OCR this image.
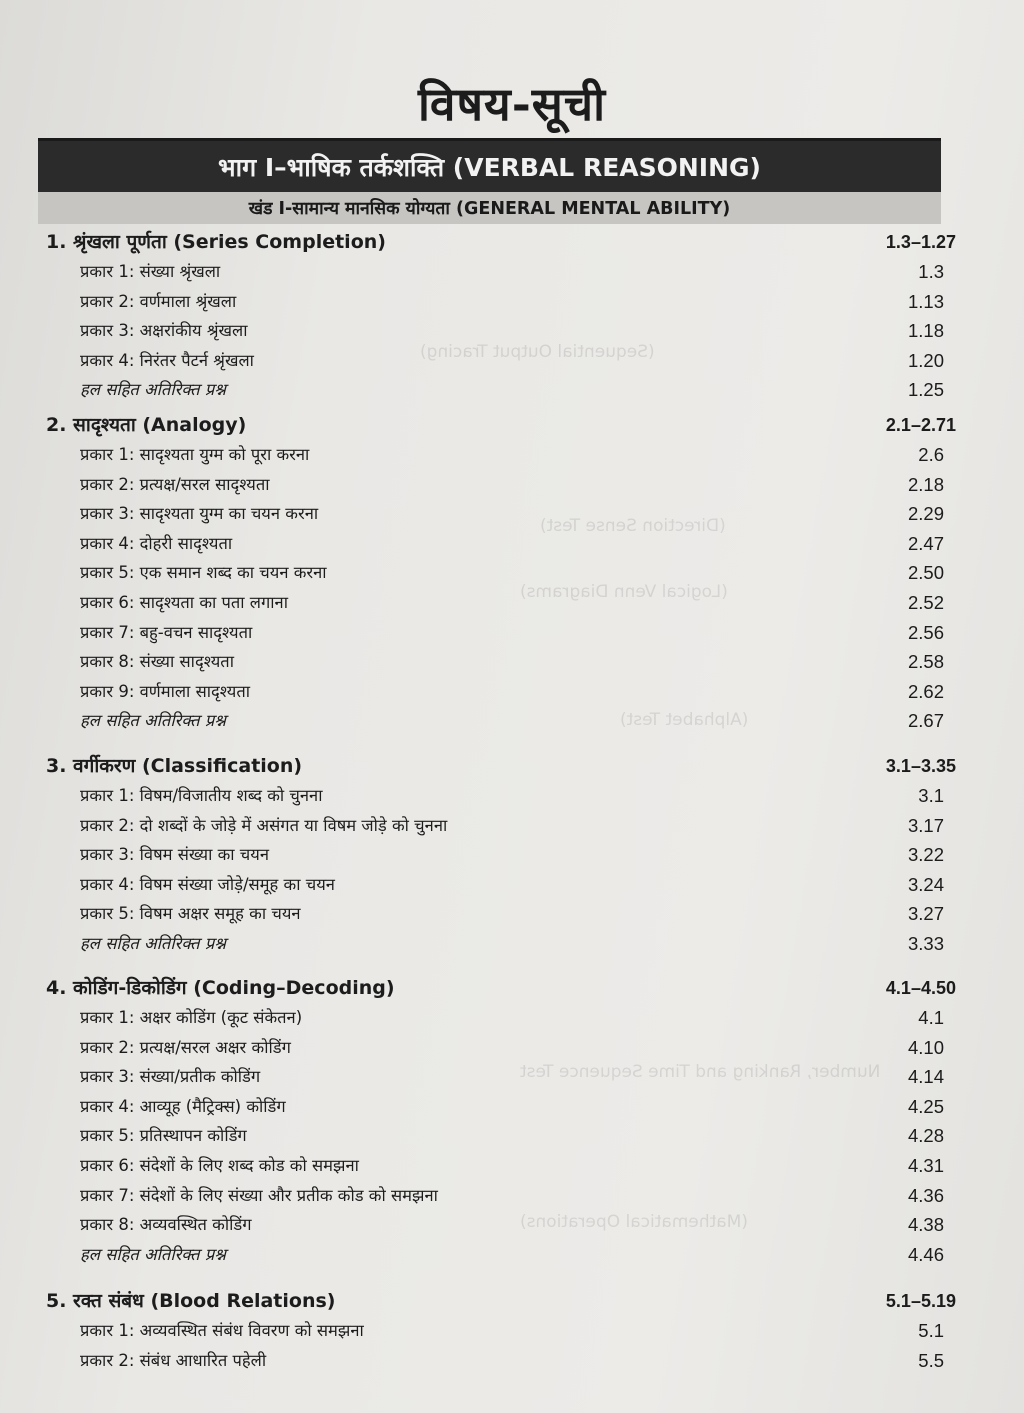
(Sequential Output Tracing)
(Direction Sense Test)
(Logical Venn Diagrams)
(Alphabet Test)
Number, Ranking and Time Sequence Test
(Mathematical Operations)
विषय-सूची
भाग I–भाषिक तर्कशक्ति (VERBAL REASONING)
खंड I-सामान्य मानसिक योग्यता (GENERAL MENTAL ABILITY)
1. श्रृंखला पूर्णता (Series Completion)	1.3–1.27
प्रकार 1: संख्या श्रृंखला	1.3
प्रकार 2: वर्णमाला श्रृंखला	1.13
प्रकार 3: अक्षरांकीय श्रृंखला	1.18
प्रकार 4: निरंतर पैटर्न श्रृंखला	1.20
हल सहित अतिरिक्त प्रश्न	1.25
2. सादृश्यता (Analogy)	2.1–2.71
प्रकार 1: सादृश्यता युग्म को पूरा करना	2.6
प्रकार 2: प्रत्यक्ष/सरल सादृश्यता	2.18
प्रकार 3: सादृश्यता युग्म का चयन करना	2.29
प्रकार 4: दोहरी सादृश्यता	2.47
प्रकार 5: एक समान शब्द का चयन करना	2.50
प्रकार 6: सादृश्यता का पता लगाना	2.52
प्रकार 7: बहु-वचन सादृश्यता	2.56
प्रकार 8: संख्या सादृश्यता	2.58
प्रकार 9: वर्णमाला सादृश्यता	2.62
हल सहित अतिरिक्त प्रश्न	2.67
3. वर्गीकरण (Classification)	3.1–3.35
प्रकार 1: विषम/विजातीय शब्द को चुनना	3.1
प्रकार 2: दो शब्दों के जोड़े में असंगत या विषम जोड़े को चुनना	3.17
प्रकार 3: विषम संख्या का चयन	3.22
प्रकार 4: विषम संख्या जोड़े/समूह का चयन	3.24
प्रकार 5: विषम अक्षर समूह का चयन	3.27
हल सहित अतिरिक्त प्रश्न	3.33
4. कोडिंग-डिकोडिंग (Coding–Decoding)	4.1–4.50
प्रकार 1: अक्षर कोडिंग (कूट संकेतन)	4.1
प्रकार 2: प्रत्यक्ष/सरल अक्षर कोडिंग	4.10
प्रकार 3: संख्या/प्रतीक कोडिंग	4.14
प्रकार 4: आव्यूह (मैट्रिक्स) कोडिंग	4.25
प्रकार 5: प्रतिस्थापन कोडिंग	4.28
प्रकार 6: संदेशों के लिए शब्द कोड को समझना	4.31
प्रकार 7: संदेशों के लिए संख्या और प्रतीक कोड को समझना	4.36
प्रकार 8: अव्यवस्थित कोडिंग	4.38
हल सहित अतिरिक्त प्रश्न	4.46
5. रक्त संबंध (Blood Relations)	5.1–5.19
प्रकार 1: अव्यवस्थित संबंध विवरण को समझना	5.1
प्रकार 2: संबंध आधारित पहेली	5.5
